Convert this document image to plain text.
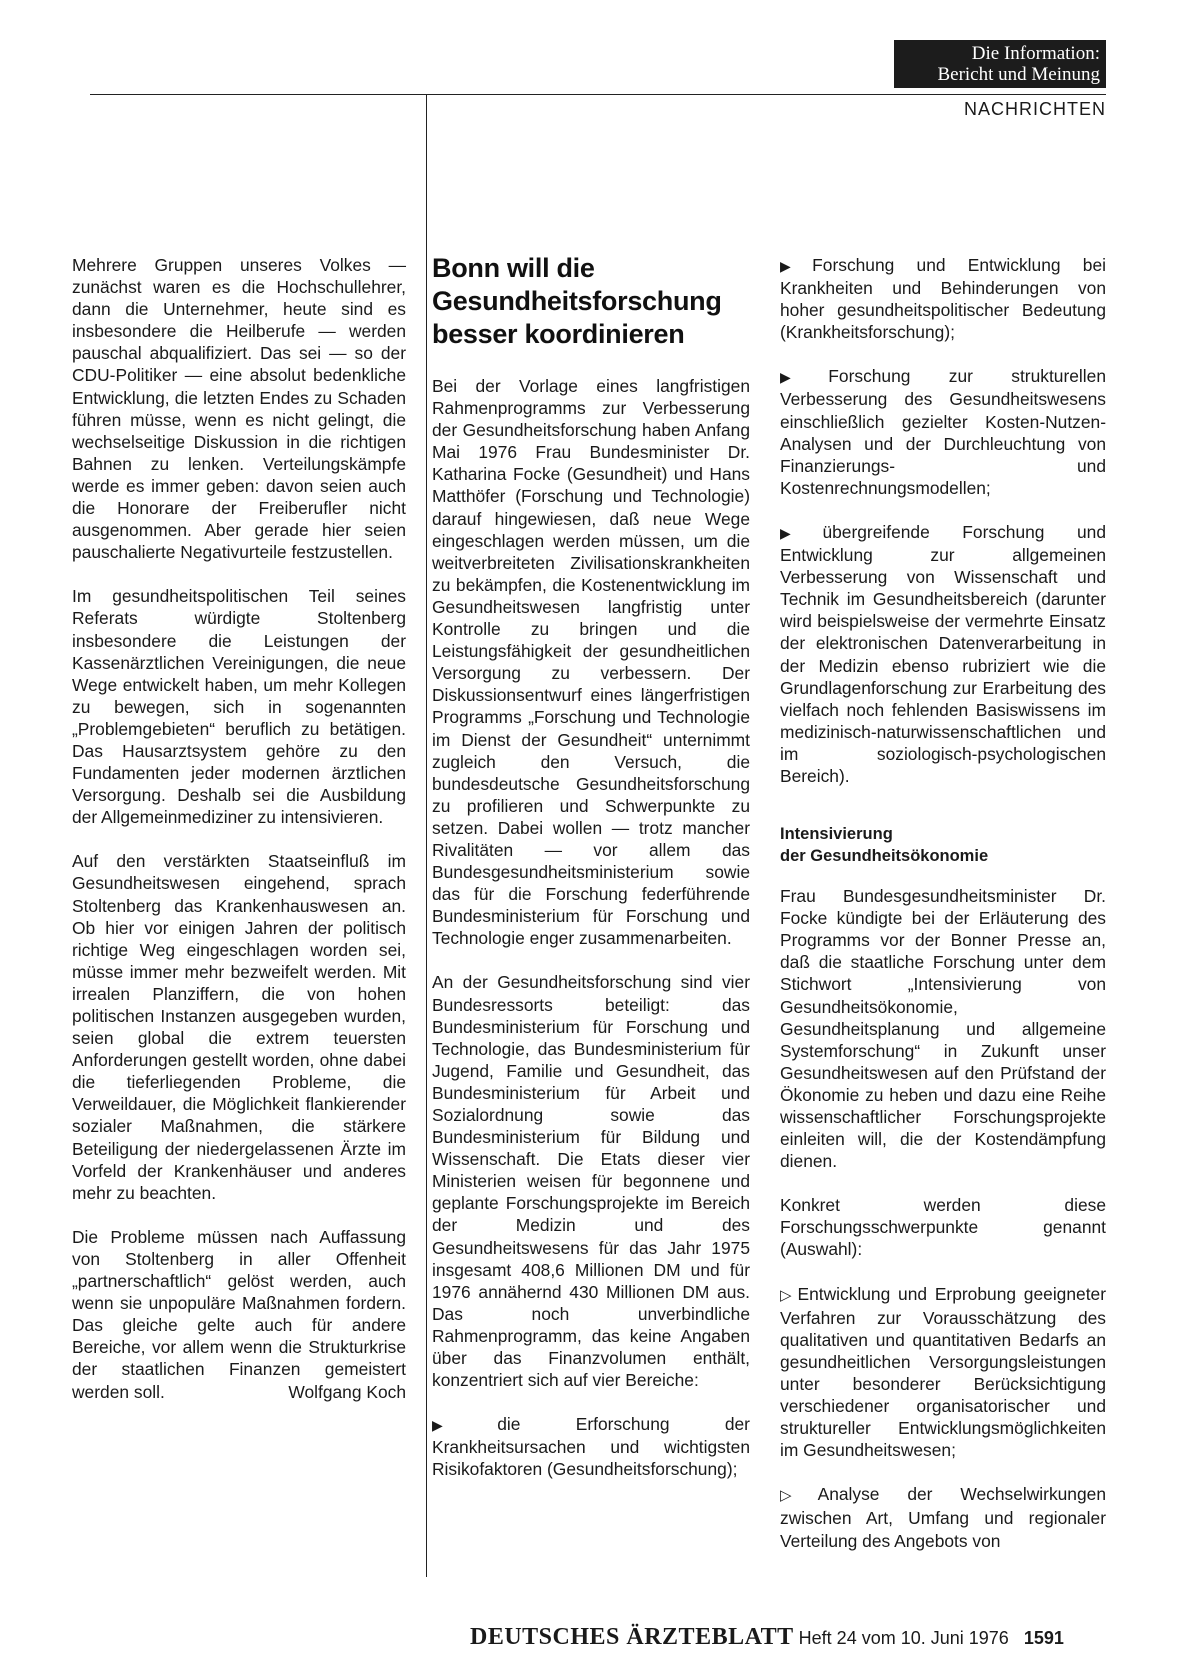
Die Information:
Bericht und Meinung
NACHRICHTEN

Mehrere Gruppen unseres Volkes — zunächst waren es die Hochschullehrer, dann die Unternehmer, heute sind es insbesondere die Heilberufe — werden pauschal abqualifiziert. Das sei — so der CDU-Politiker — eine absolut bedenkliche Entwicklung, die letzten Endes zu Schaden führen müsse, wenn es nicht gelingt, die wechselseitige Diskussion in die richtigen Bahnen zu lenken. Verteilungskämpfe werde es immer geben: davon seien auch die Honorare der Freiberufler nicht ausgenommen. Aber gerade hier seien pauschalierte Negativurteile festzustellen.

Im gesundheitspolitischen Teil seines Referats würdigte Stoltenberg insbesondere die Leistungen der Kassenärztlichen Vereinigungen, die neue Wege entwickelt haben, um mehr Kollegen zu bewegen, sich in sogenannten „Problemgebieten“ beruflich zu betätigen. Das Hausarztsystem gehöre zu den Fundamenten jeder modernen ärztlichen Versorgung. Deshalb sei die Ausbildung der Allgemeinmediziner zu intensivieren.

Auf den verstärkten Staatseinfluß im Gesundheitswesen eingehend, sprach Stoltenberg das Krankenhauswesen an. Ob hier vor einigen Jahren der politisch richtige Weg eingeschlagen worden sei, müsse immer mehr bezweifelt werden. Mit irrealen Planziffern, die von hohen politischen Instanzen ausgegeben wurden, seien global die extrem teuersten Anforderungen gestellt worden, ohne dabei die tieferliegenden Probleme, die Verweildauer, die Möglichkeit flankierender sozialer Maßnahmen, die stärkere Beteiligung der niedergelassenen Ärzte im Vorfeld der Krankenhäuser und anderes mehr zu beachten.

Die Probleme müssen nach Auffassung von Stoltenberg in aller Offenheit „partnerschaftlich“ gelöst werden, auch wenn sie unpopuläre Maßnahmen fordern. Das gleiche gelte auch für andere Bereiche, vor allem wenn die Strukturkrise der staatlichen Finanzen gemeistert werden soll.	Wolfgang Koch

Bonn will die Gesundheitsforschung besser koordinieren

Bei der Vorlage eines langfristigen Rahmenprogramms zur Verbesserung der Gesundheitsforschung haben Anfang Mai 1976 Frau Bundesminister Dr. Katharina Focke (Gesundheit) und Hans Matthöfer (Forschung und Technologie) darauf hingewiesen, daß neue Wege eingeschlagen werden müssen, um die weitverbreiteten Zivilisationskrankheiten zu bekämpfen, die Kostenentwicklung im Gesundheitswesen langfristig unter Kontrolle zu bringen und die Leistungsfähigkeit der gesundheitlichen Versorgung zu verbessern. Der Diskussionsentwurf eines längerfristigen Programms „Forschung und Technologie im Dienst der Gesundheit“ unternimmt zugleich den Versuch, die bundesdeutsche Gesundheitsforschung zu profilieren und Schwerpunkte zu setzen. Dabei wollen — trotz mancher Rivalitäten — vor allem das Bundesgesundheitsministerium sowie das für die Forschung federführende Bundesministerium für Forschung und Technologie enger zusammenarbeiten.

An der Gesundheitsforschung sind vier Bundesressorts beteiligt: das Bundesministerium für Forschung und Technologie, das Bundesministerium für Jugend, Familie und Gesundheit, das Bundesministerium für Arbeit und Sozialordnung sowie das Bundesministerium für Bildung und Wissenschaft. Die Etats dieser vier Ministerien weisen für begonnene und geplante Forschungsprojekte im Bereich der Medizin und des Gesundheitswesens für das Jahr 1975 insgesamt 408,6 Millionen DM und für 1976 annähernd 430 Millionen DM aus. Das noch unverbindliche Rahmenprogramm, das keine Angaben über das Finanzvolumen enthält, konzentriert sich auf vier Bereiche:

▶ die Erforschung der Krankheitsursachen und wichtigsten Risikofaktoren (Gesundheitsforschung);

▶ Forschung und Entwicklung bei Krankheiten und Behinderungen von hoher gesundheitspolitischer Bedeutung (Krankheitsforschung);

▶ Forschung zur strukturellen Verbesserung des Gesundheitswesens einschließlich gezielter Kosten-Nutzen-Analysen und der Durchleuchtung von Finanzierungs- und Kostenrechnungsmodellen;

▶ übergreifende Forschung und Entwicklung zur allgemeinen Verbesserung von Wissenschaft und Technik im Gesundheitsbereich (darunter wird beispielsweise der vermehrte Einsatz der elektronischen Datenverarbeitung in der Medizin ebenso rubriziert wie die Grundlagenforschung zur Erarbeitung des vielfach noch fehlenden Basiswissens im medizinisch-naturwissenschaftlichen und im soziologisch-psychologischen Bereich).

Intensivierung
der Gesundheitsökonomie

Frau Bundesgesundheitsminister Dr. Focke kündigte bei der Erläuterung des Programms vor der Bonner Presse an, daß die staatliche Forschung unter dem Stichwort „Intensivierung von Gesundheitsökonomie, Gesundheitsplanung und allgemeine Systemforschung“ in Zukunft unser Gesundheitswesen auf den Prüfstand der Ökonomie zu heben und dazu eine Reihe wissenschaftlicher Forschungsprojekte einleiten will, die der Kostendämpfung dienen.

Konkret werden diese Forschungsschwerpunkte genannt (Auswahl):

▷ Entwicklung und Erprobung geeigneter Verfahren zur Vorausschätzung des qualitativen und quantitativen Bedarfs an gesundheitlichen Versorgungsleistungen unter besonderer Berücksichtigung verschiedener organisatorischer und struktureller Entwicklungsmöglichkeiten im Gesundheitswesen;

▷ Analyse der Wechselwirkungen zwischen Art, Umfang und regionaler Verteilung des Angebots von

DEUTSCHES ÄRZTEBLATT Heft 24 vom 10. Juni 1976 1591
